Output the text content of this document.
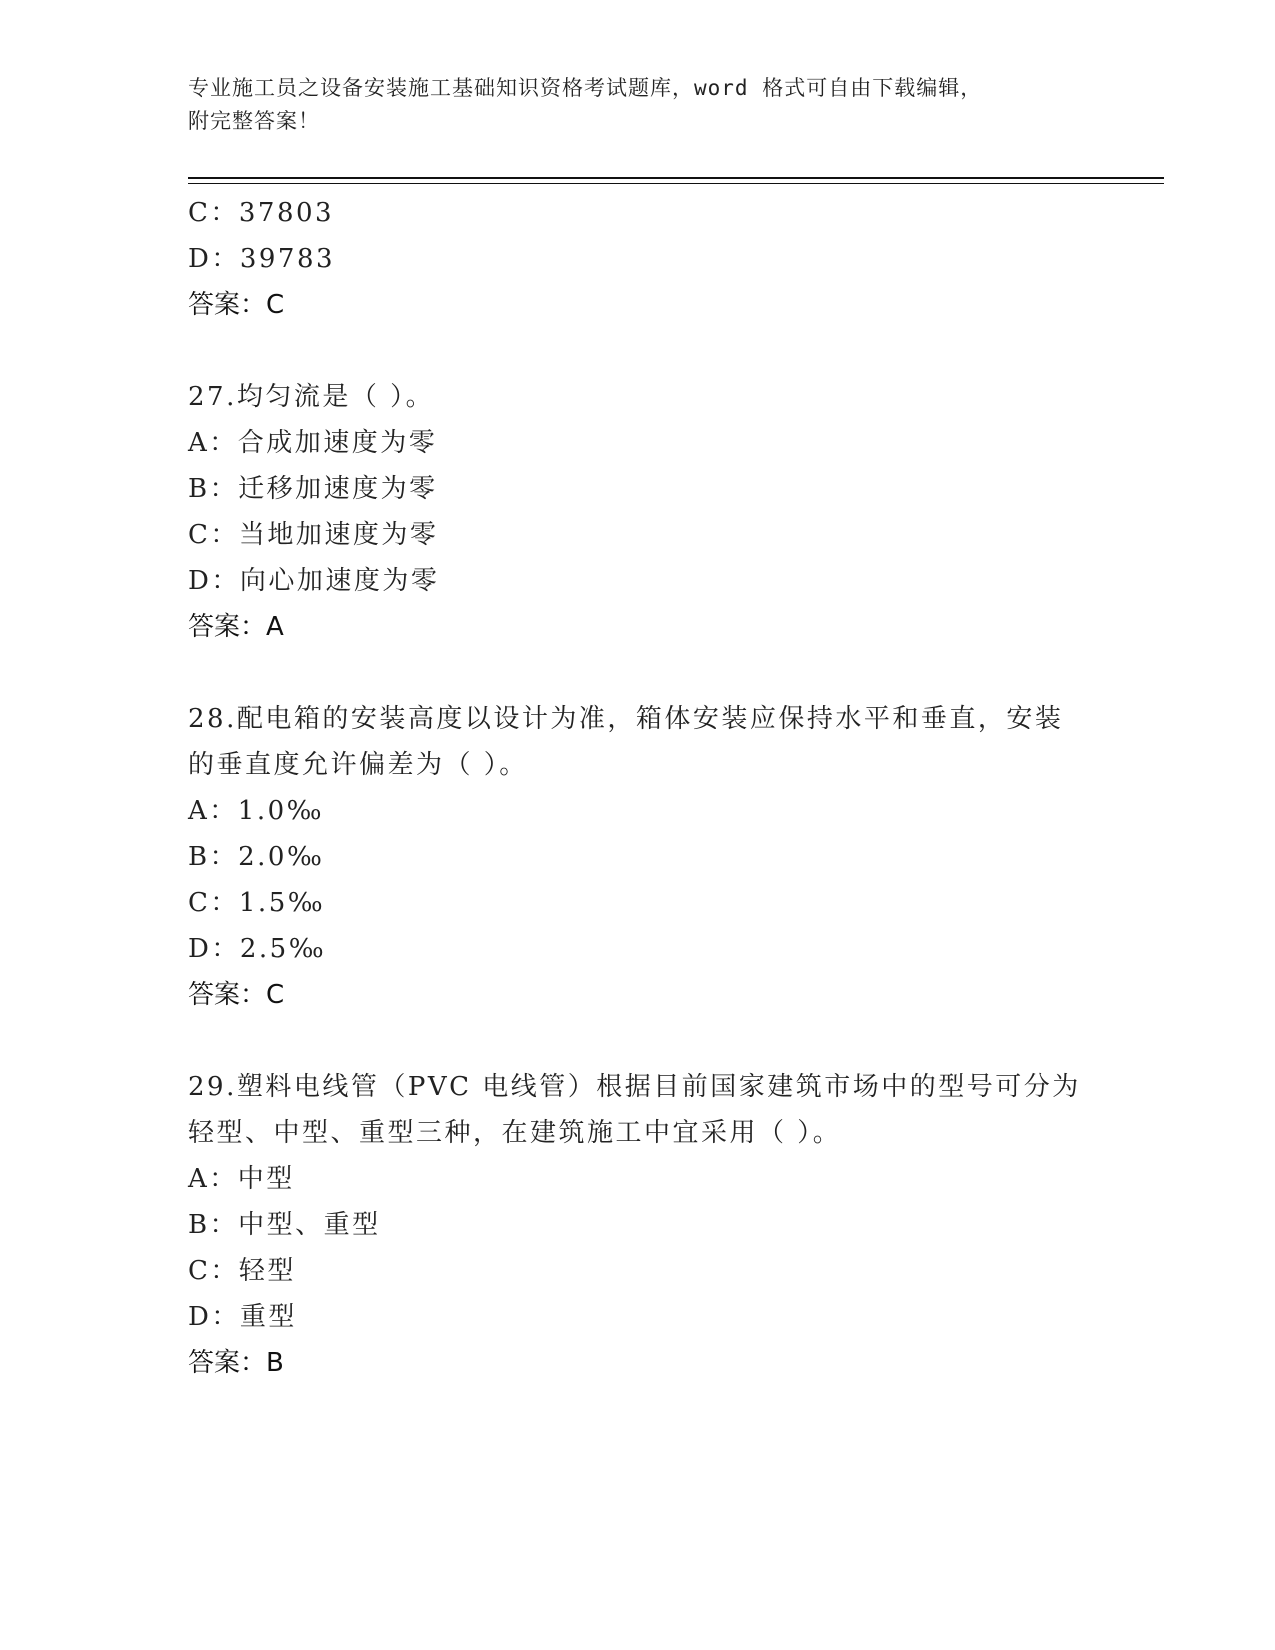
专业施工员之设备安装施工基础知识资格考试题库，word 格式可自由下载编辑，
附完整答案！
C：37803
D：39783
答案：C
27.均匀流是（ ）。
A：合成加速度为零
B：迁移加速度为零
C：当地加速度为零
D：向心加速度为零
答案：A
28.配电箱的安装高度以设计为准，箱体安装应保持水平和垂直，安装
的垂直度允许偏差为（ ）。
A：1.0‰
B：2.0‰
C：1.5‰
D：2.5‰
答案：C
29.塑料电线管（PVC 电线管）根据目前国家建筑市场中的型号可分为
轻型、中型、重型三种，在建筑施工中宜采用（ ）。
A：中型
B：中型、重型
C：轻型
D：重型
答案：B
